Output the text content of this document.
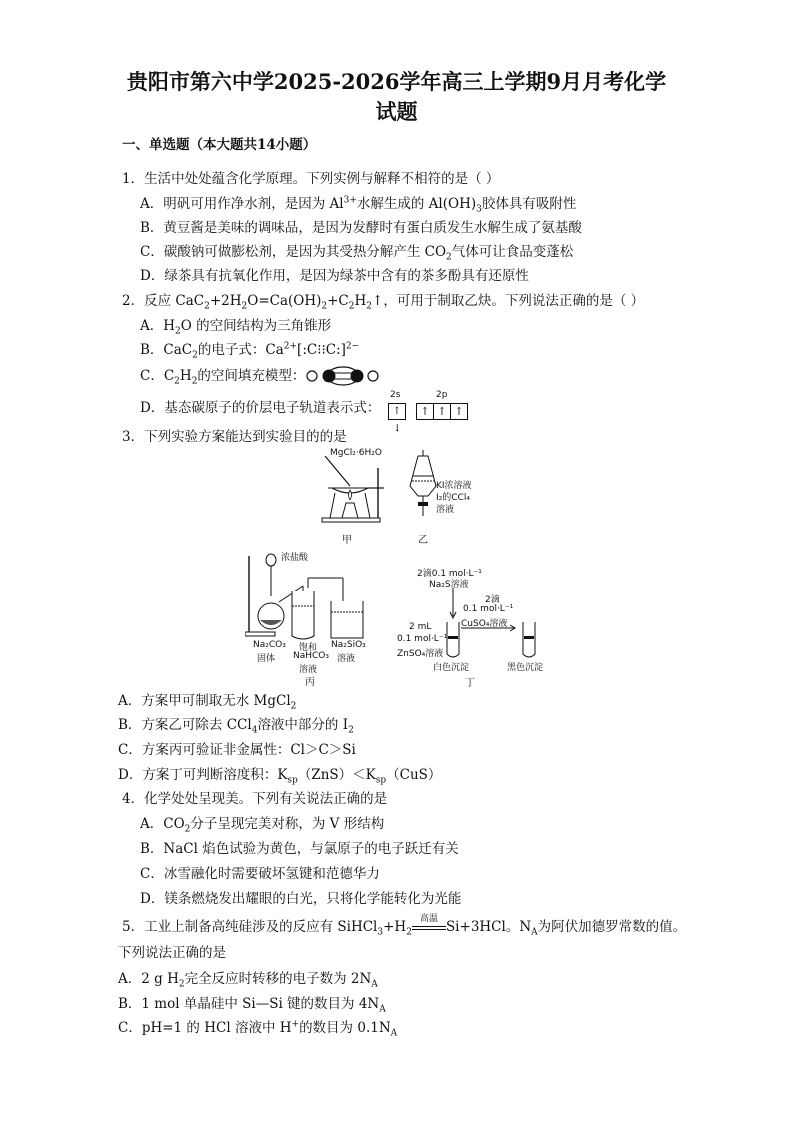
贵阳市第六中学2025-2026学年高三上学期9月月考化学
试题
一、单选题（本大题共14小题）
1．生活中处处蕴含化学原理。下列实例与解释不相符的是（ ）
A．明矾可用作净水剂，是因为 $Al^{3+}$水解生成的 $Al(OH)_3$胶体具有吸附性
B．黄豆酱是美味的调味品，是因为发酵时有蛋白质发生水解生成了氨基酸
C．碳酸钠可做膨松剂，是因为其受热分解产生 $CO_2$气体可让食品变蓬松
D．绿茶具有抗氧化作用，是因为绿茶中含有的茶多酚具有还原性
2．反应 $CaC_2+2H_2O=Ca(OH)_2+C_2H_2↑$，可用于制取乙炔。下列说法正确的是（ ）
A．$H_2O$ 的空间结构为三角锥形
B．CaC$_2$的电子式：$Ca^{2+}[:C⁝⁝C:]^{2-}$
C．$C_2H_2$的空间填充模型：
D．基态碳原子的价层电子轨道表示式：
2s	2p
↑↑
↑ ↑ ↑
3．下列实验方案能达到实验目的的是
MgCl₂·6H₂O
甲
KI浓溶液
I₂的CCl₄
溶液
乙
浓盐酸
Na₂CO₃
固体
饱和
NaHCO₃
溶液
Na₂SiO₃
溶液
丙
2滴0.1 mol·L⁻¹
Na₂S溶液
2滴
0.1 mol·L⁻¹
CuSO₄溶液
2 mL
0.1 mol·L⁻¹
ZnSO₄溶液
白色沉淀	黑色沉淀
丁
A．方案甲可制取无水 MgCl$_2$
B．方案乙可除去 CCl$_4$溶液中部分的 $I_2$
C．方案丙可验证非金属性：Cl＞C＞Si
D．方案丁可判断溶度积：$K_{sp}(ZnS)<K_{sp}(CuS)$
4．化学处处呈现美。下列有关说法正确的是
A．$CO_2$分子呈现完美对称，为 V 形结构
B．NaCl 焰色试验为黄色，与氯原子的电子跃迁有关
C．冰雪融化时需要破坏氢键和范德华力
D．镁条燃烧发出耀眼的白光，只将化学能转化为光能
5．工业上制备高纯硅涉及的反应有 $SiHCl_3+H_2$
高温 Si+3HCl。$N_A$为阿伏加德罗常数的值。
下列说法正确的是
A．2 g $H_2$完全反应时转移的电子数为 $2N_A$
B．1 mol 单晶硅中 Si—Si 键的数目为 $4N_A$
C．pH=1 的 HCl 溶液中 H+的数目为 $0.1N_A$
